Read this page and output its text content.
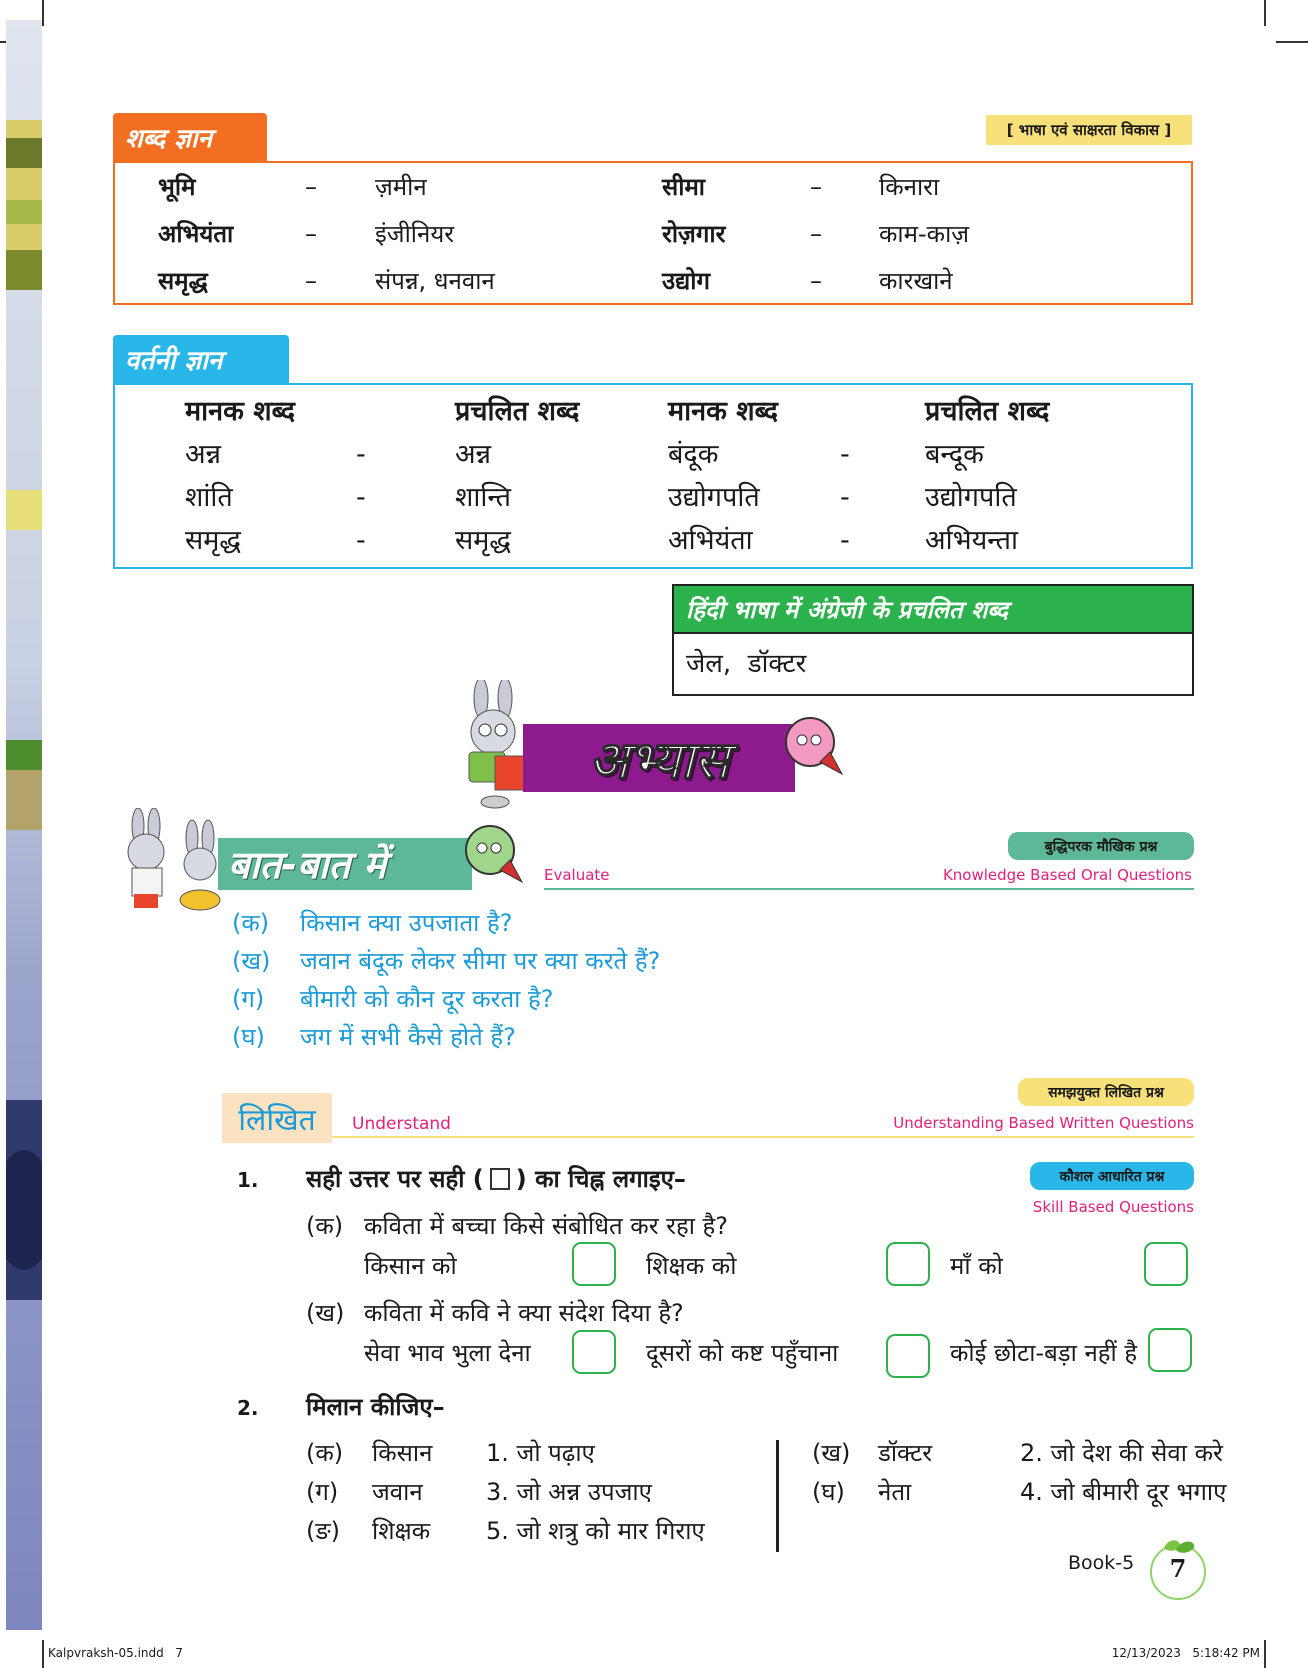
शब्द ज्ञान	[ भाषा एवं साक्षरता विकास ]
भूमि	– ज़मीन	सीमा	– किनारा
अभियंता	– इंजीनियर	रोज़गार	– काम-काज़
समृद्ध	– संपन्न, धनवान	उद्योग	– कारखाने
वर्तनी ज्ञान
मानक शब्द	प्रचलित शब्द	मानक शब्द	प्रचलित शब्द
अन्न	-	अन्न	बंदूक	-	बन्दूक
शांति	-	शान्ति	उद्योगपति	-	उद्योगपति
समृद्ध	-	समृद्ध	अभियंता	-	अभियन्ता
हिंदी भाषा में अंग्रेजी के प्रचलित शब्द
जेल,  डॉक्टर
अभ्यास
बात-बात में	Evaluate
बुद्धिपरक मौखिक प्रश्न
Knowledge Based Oral Questions
(क) किसान क्या उपजाता है?
(ख) जवान बंदूक लेकर सीमा पर क्या करते हैं?
(ग) बीमारी को कौन दूर करता है?
(घ) जग में सभी कैसे होते हैं?
लिखित Understand
समझयुक्त लिखित प्रश्न
Understanding Based Written Questions
1. सही उत्तर पर सही ( ) का चिह्न लगाइए–	कौशल आधारित प्रश्न
Skill Based Questions
(क) कविता में बच्चा किसे संबोधित कर रहा है?
किसान को	शिक्षक को	माँ को
(ख) कविता में कवि ने क्या संदेश दिया है?
सेवा भाव भुला देना	दूसरों को कष्ट पहुँचाना	कोई छोटा-बड़ा नहीं है
2. मिलान कीजिए–
(क) किसान 1. जो पढ़ाए
(ग) जवान	3. जो अन्न उपजाए
(ङ) शिक्षक 5. जो शत्रु को मार गिराए
(ख) डॉक्टर	2. जो देश की सेवा करे
(घ) नेता	4. जो बीमारी दूर भगाए
Book-5	7
Kalpvraksh-05.indd   7	12/13/2023   5:18:42 PM
